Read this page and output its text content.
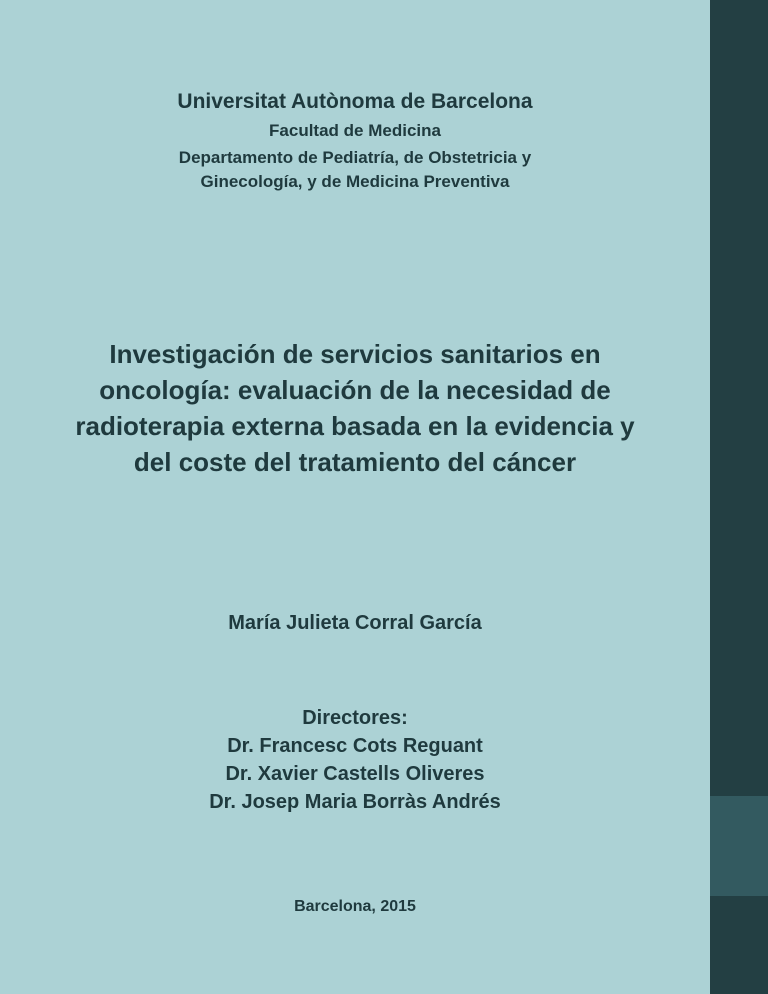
Universitat Autònoma de Barcelona
Facultad de Medicina
Departamento de Pediatría, de Obstetricia y
Ginecología, y de Medicina Preventiva
Investigación de servicios sanitarios en
oncología: evaluación de la necesidad de
radioterapia externa basada en la evidencia y
del coste del tratamiento del cáncer
María Julieta Corral García
Directores:
Dr. Francesc Cots Reguant
Dr. Xavier Castells Oliveres
Dr. Josep Maria Borràs Andrés
Barcelona, 2015
